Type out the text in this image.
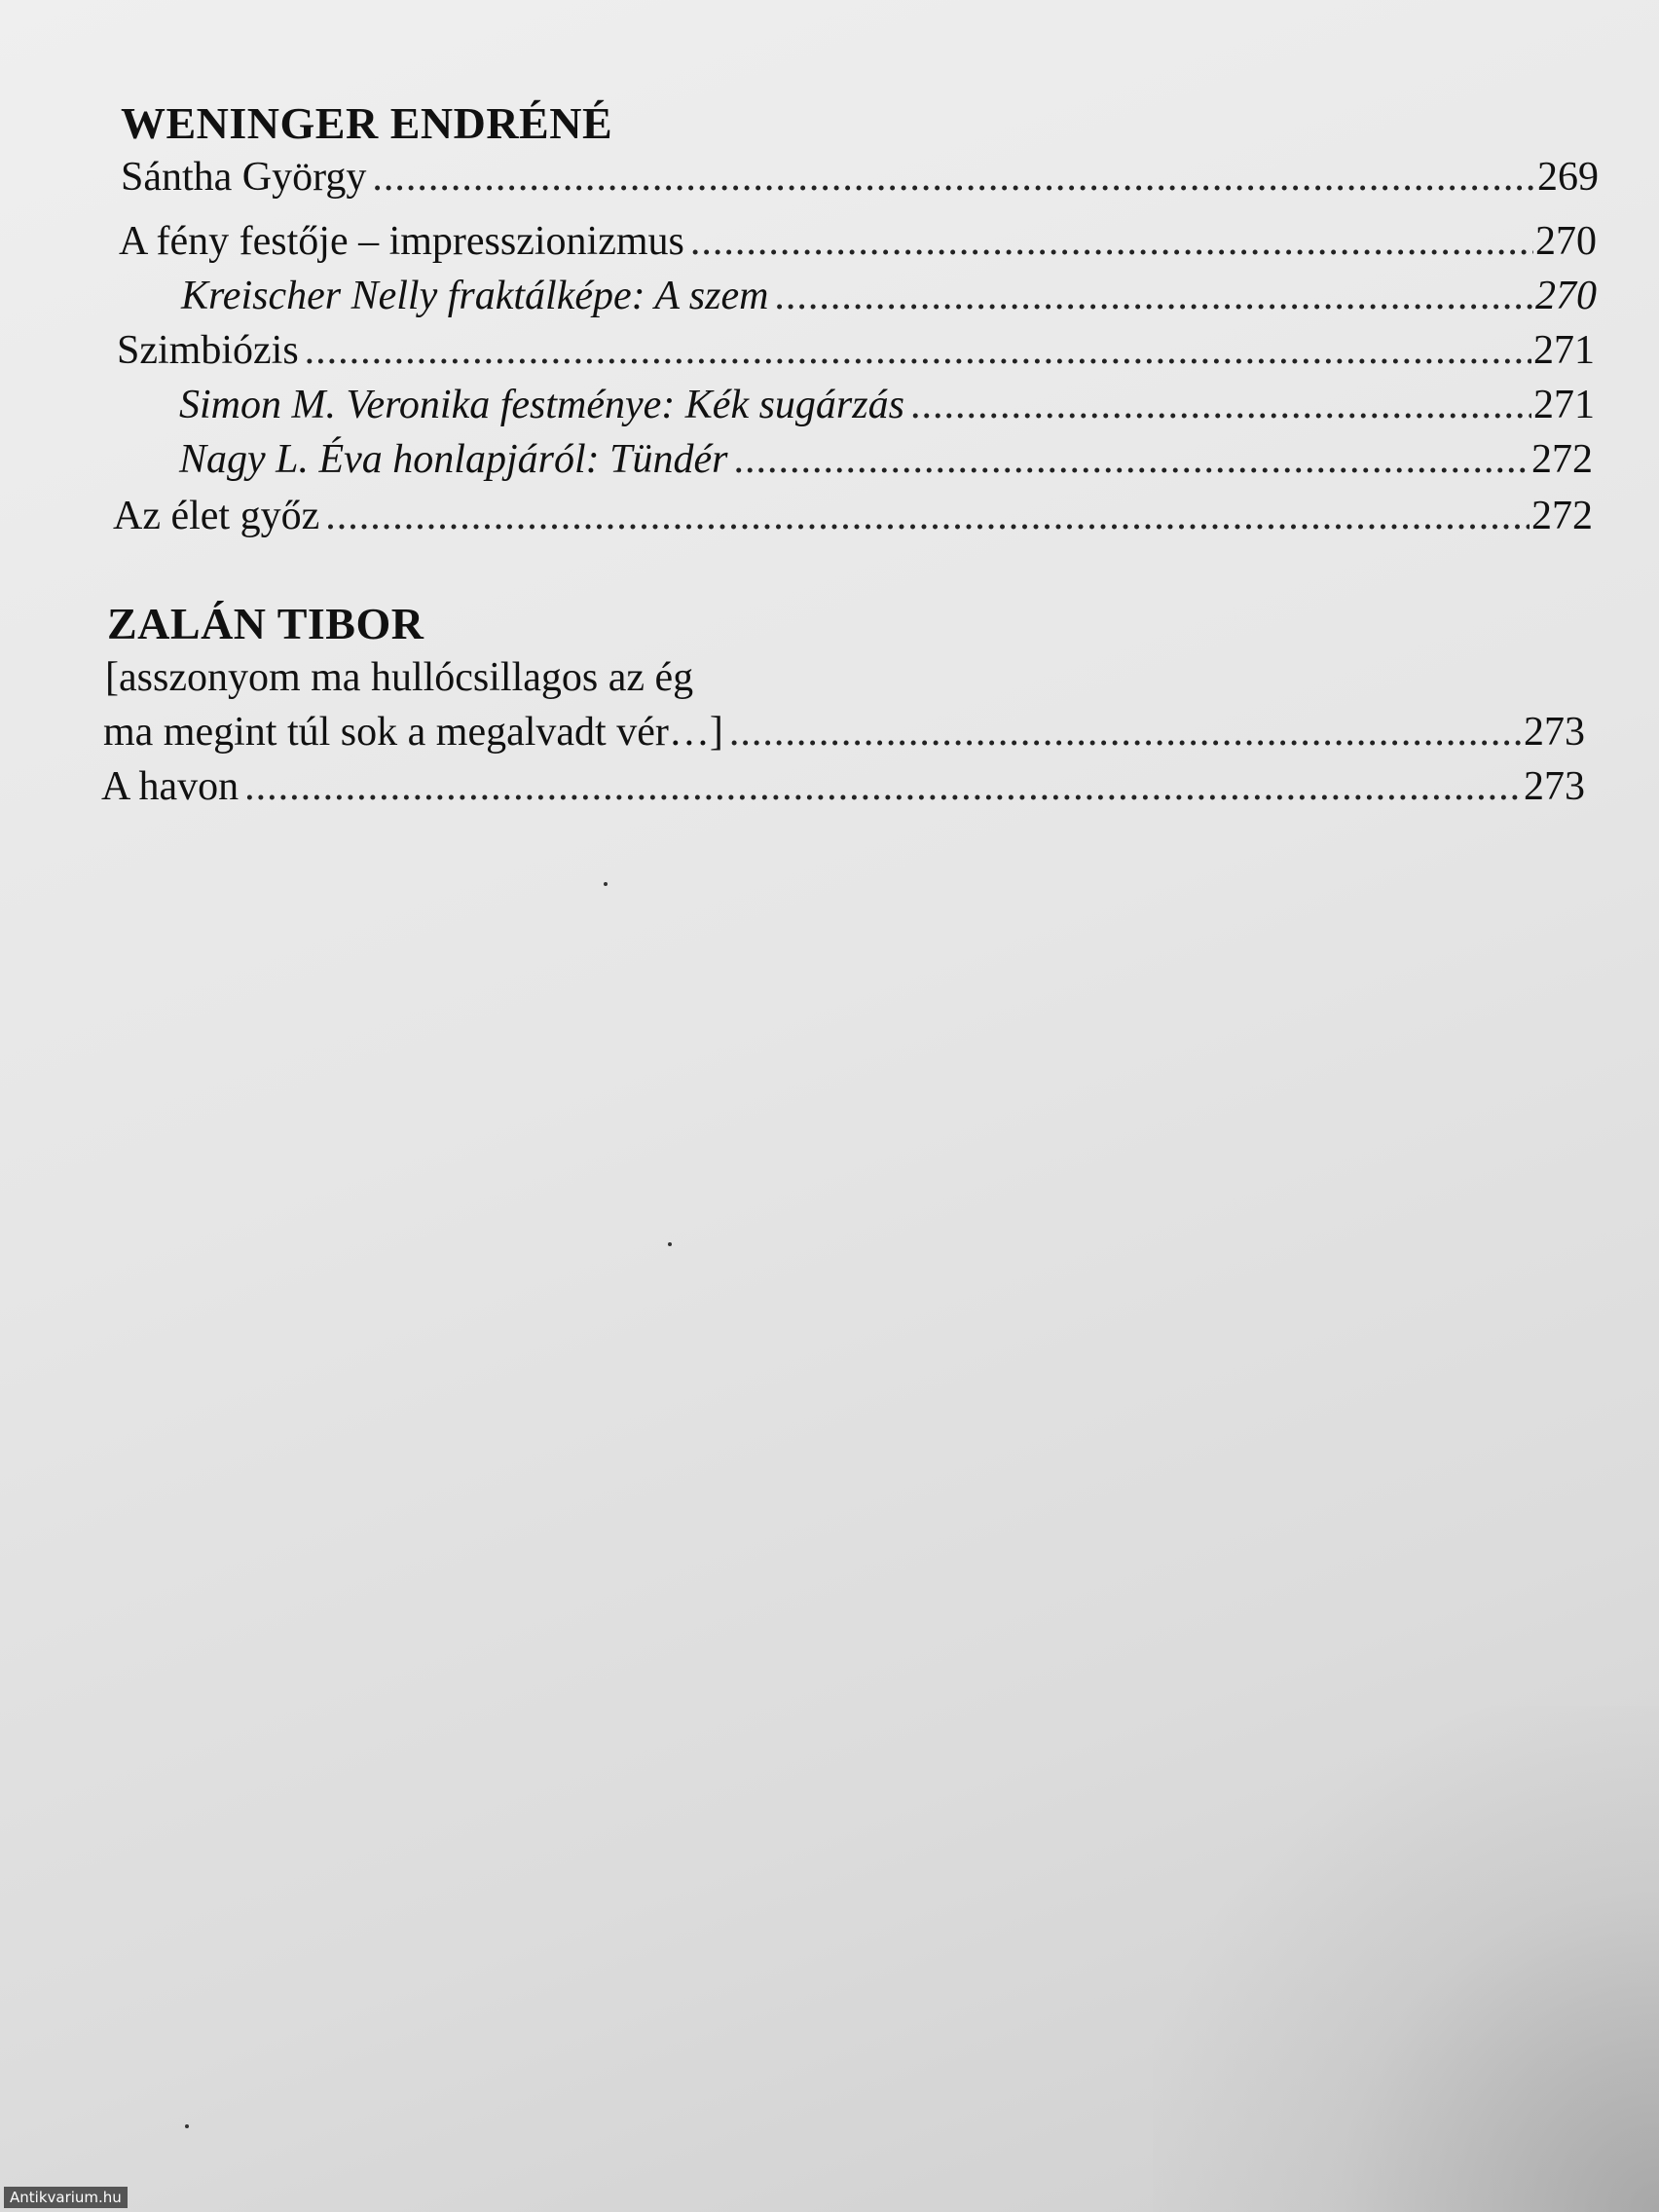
WENINGER ENDRÉNÉ
Sántha György .....	269
A fény festője – impresszionizmus .....	270
Kreischer Nelly fraktálképe: A szem .....	270
Szimbiózis .....	271
Simon M. Veronika festménye: Kék sugárzás .....	271
Nagy L. Éva honlapjáról: Tündér .....	272
Az élet győz .....	272
ZALÁN TIBOR
[asszonyom ma hullócsillagos az ég
ma megint túl sok a megalvadt vér…] .....	273
A havon .....	273
Antikvarium.hu
